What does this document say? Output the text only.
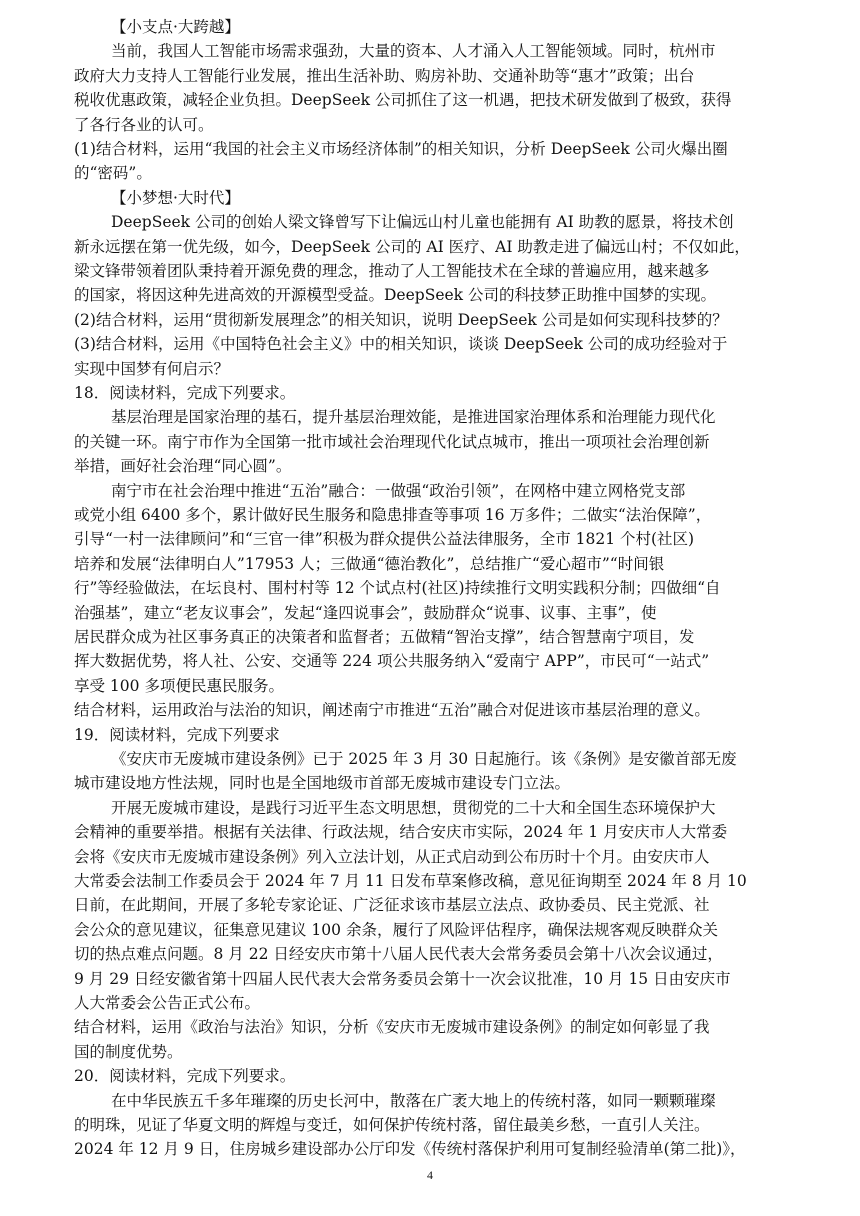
【小支点·大跨越】
当前，我国人工智能市场需求强劲，大量的资本、人才涌入人工智能领域。同时，杭州市
政府大力支持人工智能行业发展，推出生活补助、购房补助、交通补助等“惠才”政策；出台
税收优惠政策，减轻企业负担。DeepSeek 公司抓住了这一机遇，把技术研发做到了极致，获得
了各行各业的认可。
(1)结合材料，运用“我国的社会主义市场经济体制”的相关知识，分析 DeepSeek 公司火爆出圈
的“密码”。
【小梦想·大时代】
DeepSeek 公司的创始人梁文锋曾写下让偏远山村儿童也能拥有 AI 助教的愿景，将技术创
新永远摆在第一优先级，如今，DeepSeek 公司的 AI 医疗、AI 助教走进了偏远山村；不仅如此，
梁文锋带领着团队秉持着开源免费的理念，推动了人工智能技术在全球的普遍应用，越来越多
的国家，将因这种先进高效的开源模型受益。DeepSeek 公司的科技梦正助推中国梦的实现。
(2)结合材料，运用“贯彻新发展理念”的相关知识，说明 DeepSeek 公司是如何实现科技梦的？
(3)结合材料，运用《中国特色社会主义》中的相关知识，谈谈 DeepSeek 公司的成功经验对于
实现中国梦有何启示？
18．阅读材料，完成下列要求。
基层治理是国家治理的基石，提升基层治理效能，是推进国家治理体系和治理能力现代化
的关键一环。南宁市作为全国第一批市域社会治理现代化试点城市，推出一项项社会治理创新
举措，画好社会治理“同心圆”。
南宁市在社会治理中推进“五治”融合：一做强“政治引领”，在网格中建立网格党支部
或党小组 6400 多个，累计做好民生服务和隐患排查等事项 16 万多件；二做实“法治保障”，
引导“一村一法律顾问”和“三官一律”积极为群众提供公益法律服务，全市 1821 个村(社区)
培养和发展“法律明白人”17953 人；三做通“德治教化”，总结推广“爱心超市”“时间银
行”等经验做法，在坛良村、围村村等 12 个试点村(社区)持续推行文明实践积分制；四做细“自
治强基”，建立“老友议事会”，发起“逢四说事会”，鼓励群众“说事、议事、主事”，使
居民群众成为社区事务真正的决策者和监督者；五做精“智治支撑”，结合智慧南宁项目，发
挥大数据优势，将人社、公安、交通等 224 项公共服务纳入“爱南宁 APP”，市民可“一站式”
享受 100 多项便民惠民服务。
结合材料，运用政治与法治的知识，阐述南宁市推进“五治”融合对促进该市基层治理的意义。
19．阅读材料，完成下列要求
《安庆市无废城市建设条例》已于 2025 年 3 月 30 日起施行。该《条例》是安徽首部无废
城市建设地方性法规，同时也是全国地级市首部无废城市建设专门立法。
开展无废城市建设，是践行习近平生态文明思想，贯彻党的二十大和全国生态环境保护大
会精神的重要举措。根据有关法律、行政法规，结合安庆市实际，2024 年 1 月安庆市人大常委
会将《安庆市无废城市建设条例》列入立法计划，从正式启动到公布历时十个月。由安庆市人
大常委会法制工作委员会于 2024 年 7 月 11 日发布草案修改稿，意见征询期至 2024 年 8 月 10
日前，在此期间，开展了多轮专家论证、广泛征求该市基层立法点、政协委员、民主党派、社
会公众的意见建议，征集意见建议 100 余条，履行了风险评估程序，确保法规客观反映群众关
切的热点难点问题。8 月 22 日经安庆市第十八届人民代表大会常务委员会第十八次会议通过，
9 月 29 日经安徽省第十四届人民代表大会常务委员会第十一次会议批准，10 月 15 日由安庆市
人大常委会公告正式公布。
结合材料，运用《政治与法治》知识，分析《安庆市无废城市建设条例》的制定如何彰显了我
国的制度优势。
20．阅读材料，完成下列要求。
在中华民族五千多年璀璨的历史长河中，散落在广袤大地上的传统村落，如同一颗颗璀璨
的明珠，见证了华夏文明的辉煌与变迁，如何保护传统村落，留住最美乡愁，一直引人关注。
2024 年 12 月 9 日，住房城乡建设部办公厅印发《传统村落保护利用可复制经验清单(第二批)》，
4
